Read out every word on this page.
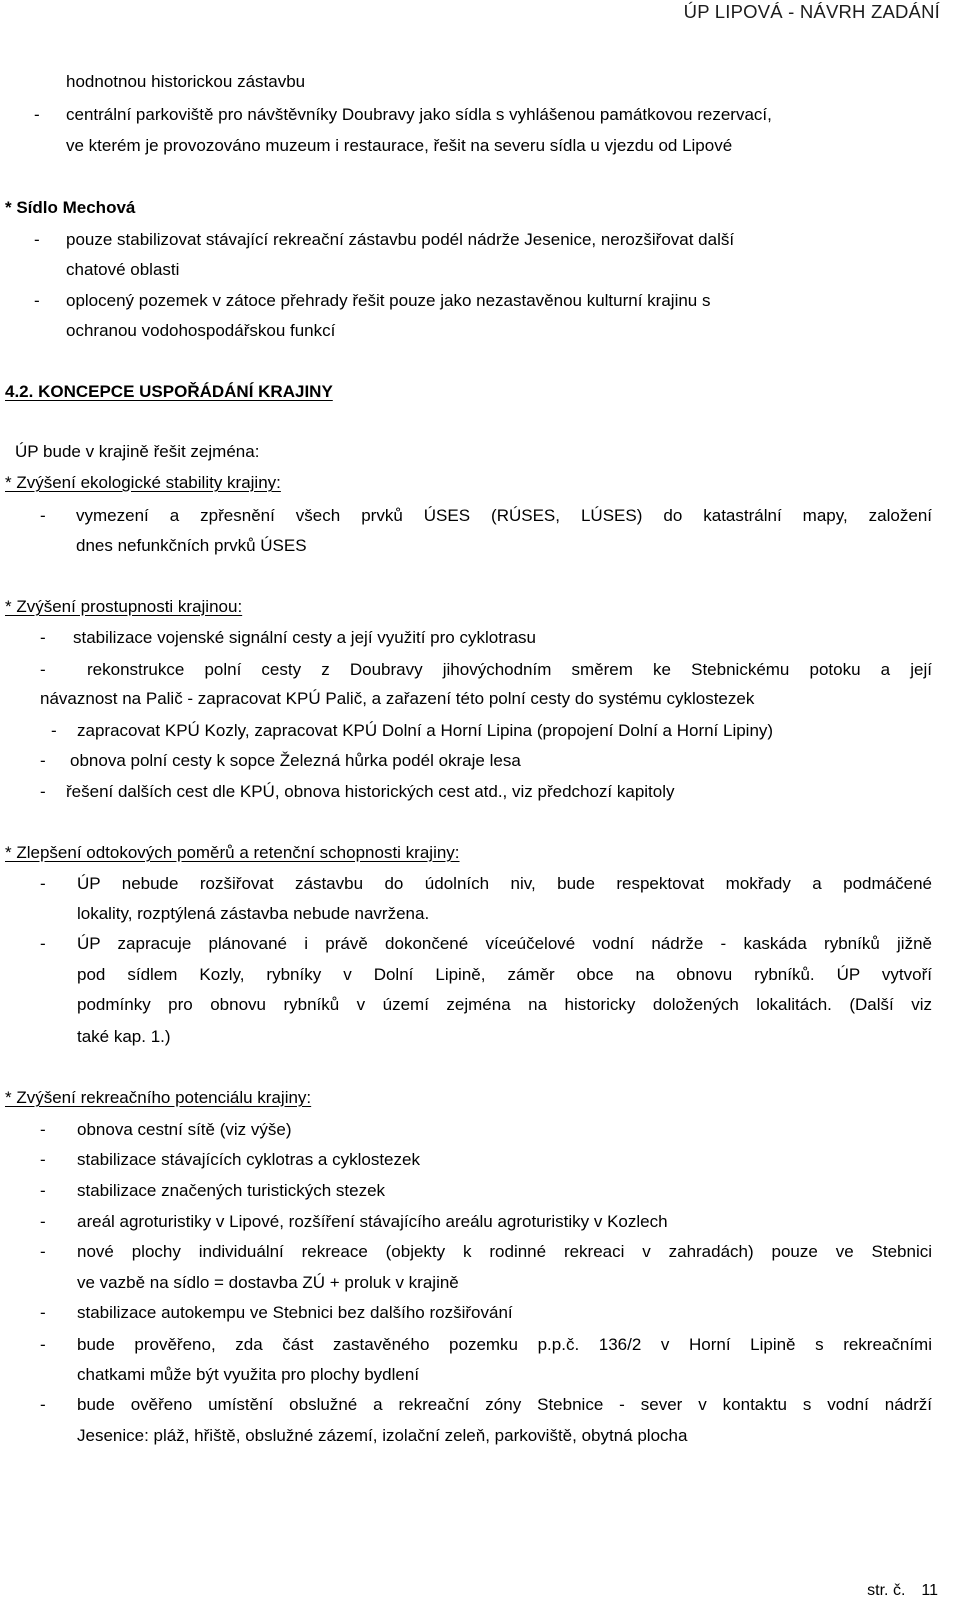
ÚP LIPOVÁ - NÁVRH ZADÁNÍ
hodnotnou historickou zástavbu
- centrální parkoviště pro návštěvníky Doubravy jako sídla s vyhlášenou památkovou rezervací,
ve kterém je provozováno muzeum i restaurace, řešit na severu sídla u vjezdu od Lipové
* Sídlo Mechová
- pouze stabilizovat stávající rekreační zástavbu podél nádrže Jesenice, nerozšiřovat další
chatové oblasti
- oplocený pozemek v zátoce přehrady řešit pouze jako nezastavěnou kulturní krajinu s
ochranou vodohospodářskou funkcí
4.2. KONCEPCE USPOŘÁDÁNÍ KRAJINY
ÚP bude v krajině řešit zejména:
* Zvýšení ekologické stability krajiny:
- vymezení a zpřesnění všech prvků ÚSES (RÚSES, LÚSES) do katastrální mapy, založení
dnes nefunkčních prvků ÚSES
* Zvýšení prostupnosti krajinou:
- stabilizace vojenské signální cesty a její využití pro cyklotrasu
- rekonstrukce polní cesty z Doubravy jihovýchodním směrem ke Stebnickému potoku a její
návaznost na Palič - zapracovat KPÚ Palič, a zařazení této polní cesty do systému cyklostezek
- zapracovat KPÚ Kozly, zapracovat KPÚ Dolní a Horní Lipina (propojení Dolní a Horní Lipiny)
- obnova polní cesty k sopce Železná hůrka podél okraje lesa
- řešení dalších cest dle KPÚ, obnova historických cest atd., viz předchozí kapitoly
* Zlepšení odtokových poměrů a retenční schopnosti krajiny:
- ÚP nebude rozšiřovat zástavbu do údolních niv, bude respektovat mokřady a podmáčené
lokality, rozptýlená zástavba nebude navržena.
- ÚP zapracuje plánované i právě dokončené víceúčelové vodní nádrže - kaskáda rybníků jižně
pod sídlem Kozly, rybníky v Dolní Lipině, záměr obce na obnovu rybníků. ÚP vytvoří
podmínky pro obnovu rybníků v území zejména na historicky doložených lokalitách. (Další viz
také kap. 1.)
* Zvýšení rekreačního potenciálu krajiny:
- obnova cestní sítě (viz výše)
- stabilizace stávajících cyklotras a cyklostezek
- stabilizace značených turistických stezek
- areál agroturistiky v Lipové, rozšíření stávajícího areálu agroturistiky v Kozlech
- nové plochy individuální rekreace (objekty k rodinné rekreaci v zahradách) pouze ve Stebnici
ve vazbě na sídlo = dostavba ZÚ + proluk v krajině
- stabilizace autokempu ve Stebnici bez dalšího rozšiřování
- bude prověřeno, zda část zastavěného pozemku p.p.č. 136/2 v Horní Lipině s rekreačními
chatkami může být využita pro plochy bydlení
- bude ověřeno umístění obslužné a rekreační zóny Stebnice - sever v kontaktu s vodní nádrží
Jesenice: pláž, hřiště, obslužné zázemí, izolační zeleň, parkoviště, obytná plocha
str. č. 11
